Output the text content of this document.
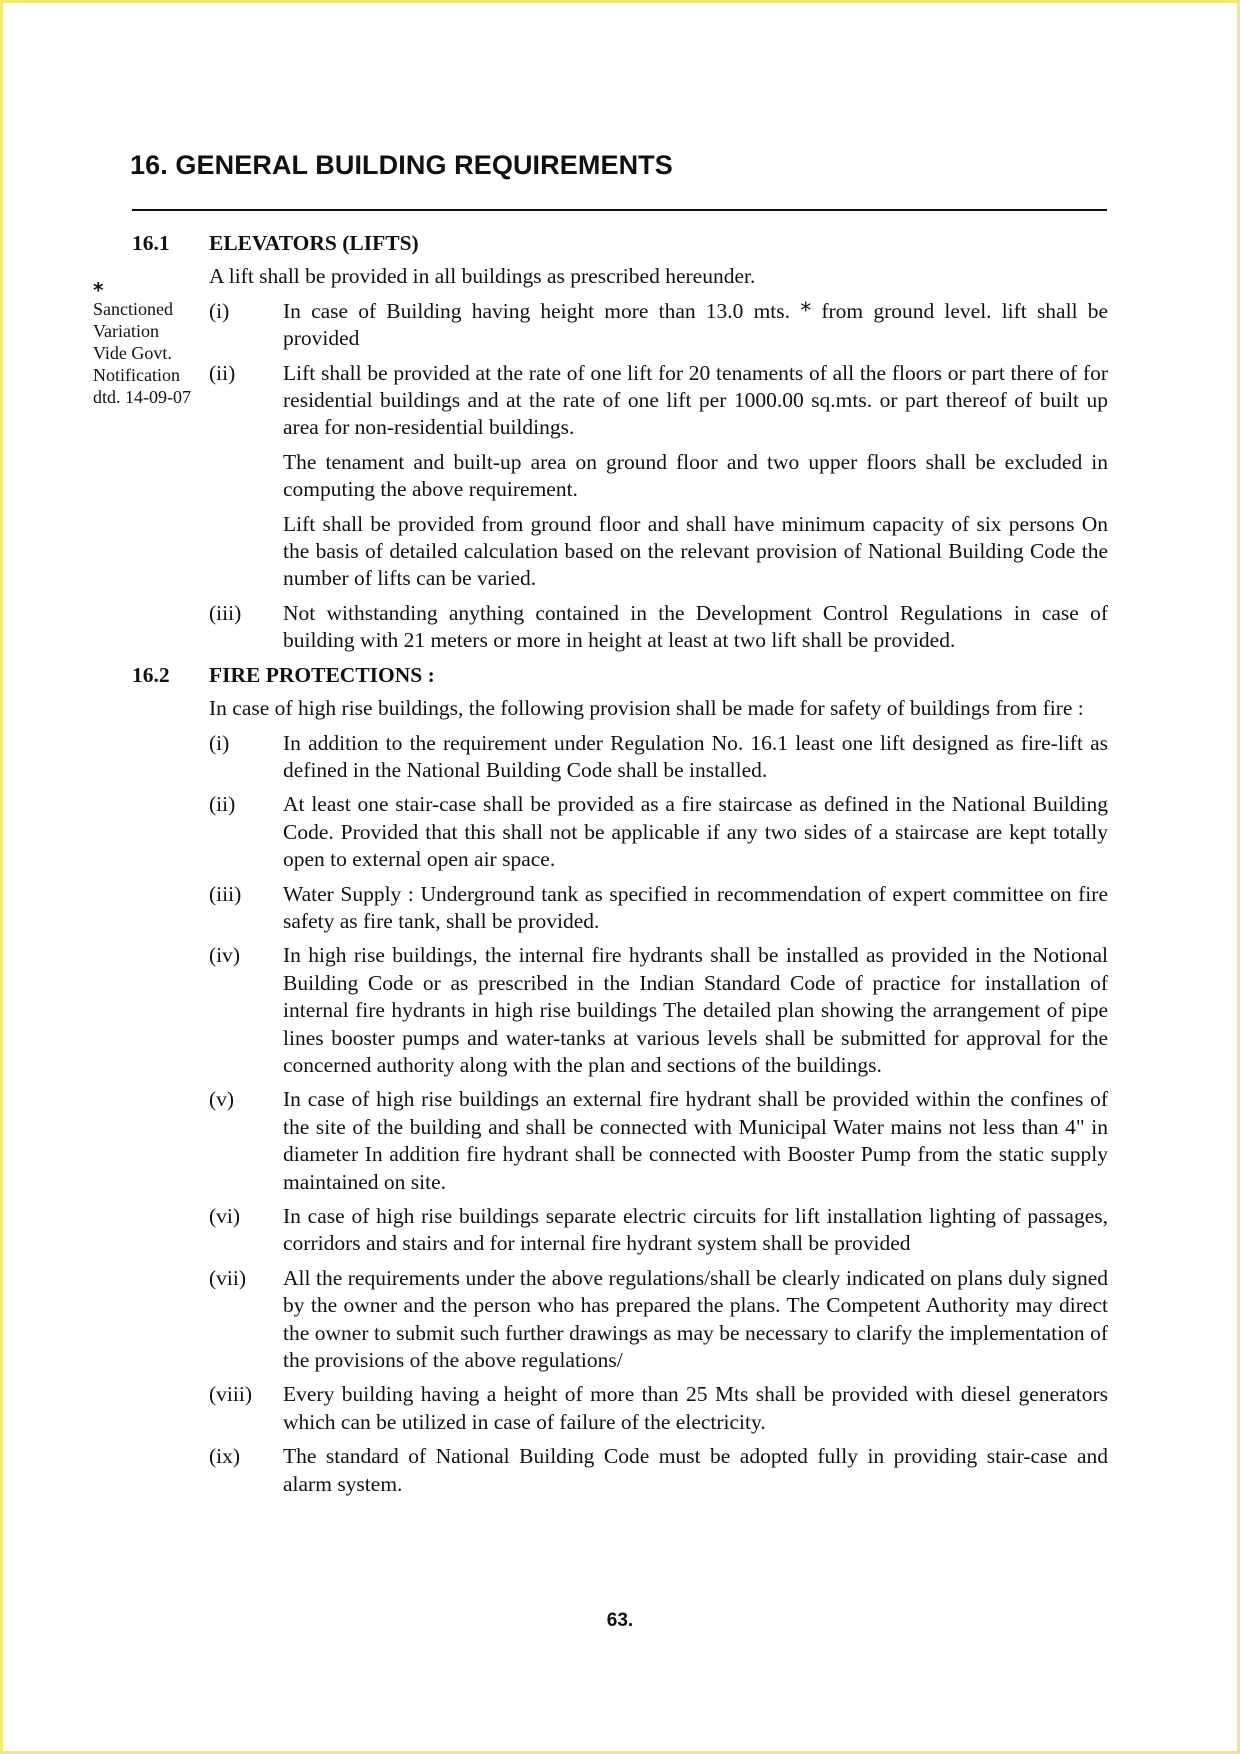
16. GENERAL BUILDING REQUIREMENTS
*
Sanctioned
Variation
Vide Govt.
Notification
dtd. 14-09-07
16.1	ELEVATORS (LIFTS)
A lift shall be provided in all buildings as prescribed hereunder.
(i)	In case of Building having height more than 13.0 mts. * from ground level. lift shall be provided
(ii)	Lift shall be provided at the rate of one lift for 20 tenaments of all the floors or part there of for residential buildings and at the rate of one lift per 1000.00 sq.mts. or part thereof of built up area for non-residential buildings.
The tenament and built-up area on ground floor and two upper floors shall be excluded in computing the above requirement.
Lift shall be provided from ground floor and shall have minimum capacity of six persons On the basis of detailed calculation based on the relevant provision of National Building Code the number of lifts can be varied.
(iii)	Not withstanding anything contained in the Development Control Regulations in case of building with 21 meters or more in height at least at two lift shall be provided.
16.2	FIRE PROTECTIONS :
In case of high rise buildings, the following provision shall be made for safety of buildings from fire :
(i)	In addition to the requirement under Regulation No. 16.1 least one lift designed as fire-lift as defined in the National Building Code shall be installed.
(ii)	At least one stair-case shall be provided as a fire staircase as defined in the National Building Code. Provided that this shall not be applicable if any two sides of a staircase are kept totally open to external open air space.
(iii)	Water Supply : Underground tank as specified in recommendation of expert committee on fire safety as fire tank, shall be provided.
(iv)	In high rise buildings, the internal fire hydrants shall be installed as provided in the Notional Building Code or as prescribed in the Indian Standard Code of practice for installation of internal fire hydrants in high rise buildings The detailed plan showing the arrangement of pipe lines booster pumps and water-tanks at various levels shall be submitted for approval for the concerned authority along with the plan and sections of the buildings.
(v)	In case of high rise buildings an external fire hydrant shall be provided within the confines of the site of the building and shall be connected with Municipal Water mains not less than 4" in diameter In addition fire hydrant shall be connected with Booster Pump from the static supply maintained on site.
(vi)	In case of high rise buildings separate electric circuits for lift installation lighting of passages, corridors and stairs and for internal fire hydrant system shall be provided
(vii)	All the requirements under the above regulations/shall be clearly indicated on plans duly signed by the owner and the person who has prepared the plans. The Competent Authority may direct the owner to submit such further drawings as may be necessary to clarify the implementation of the provisions of the above regulations/
(viii)	Every building having a height of more than 25 Mts shall be provided with diesel generators which can be utilized in case of failure of the electricity.
(ix)	The standard of National Building Code must be adopted fully in providing stair-case and alarm system.
63.
